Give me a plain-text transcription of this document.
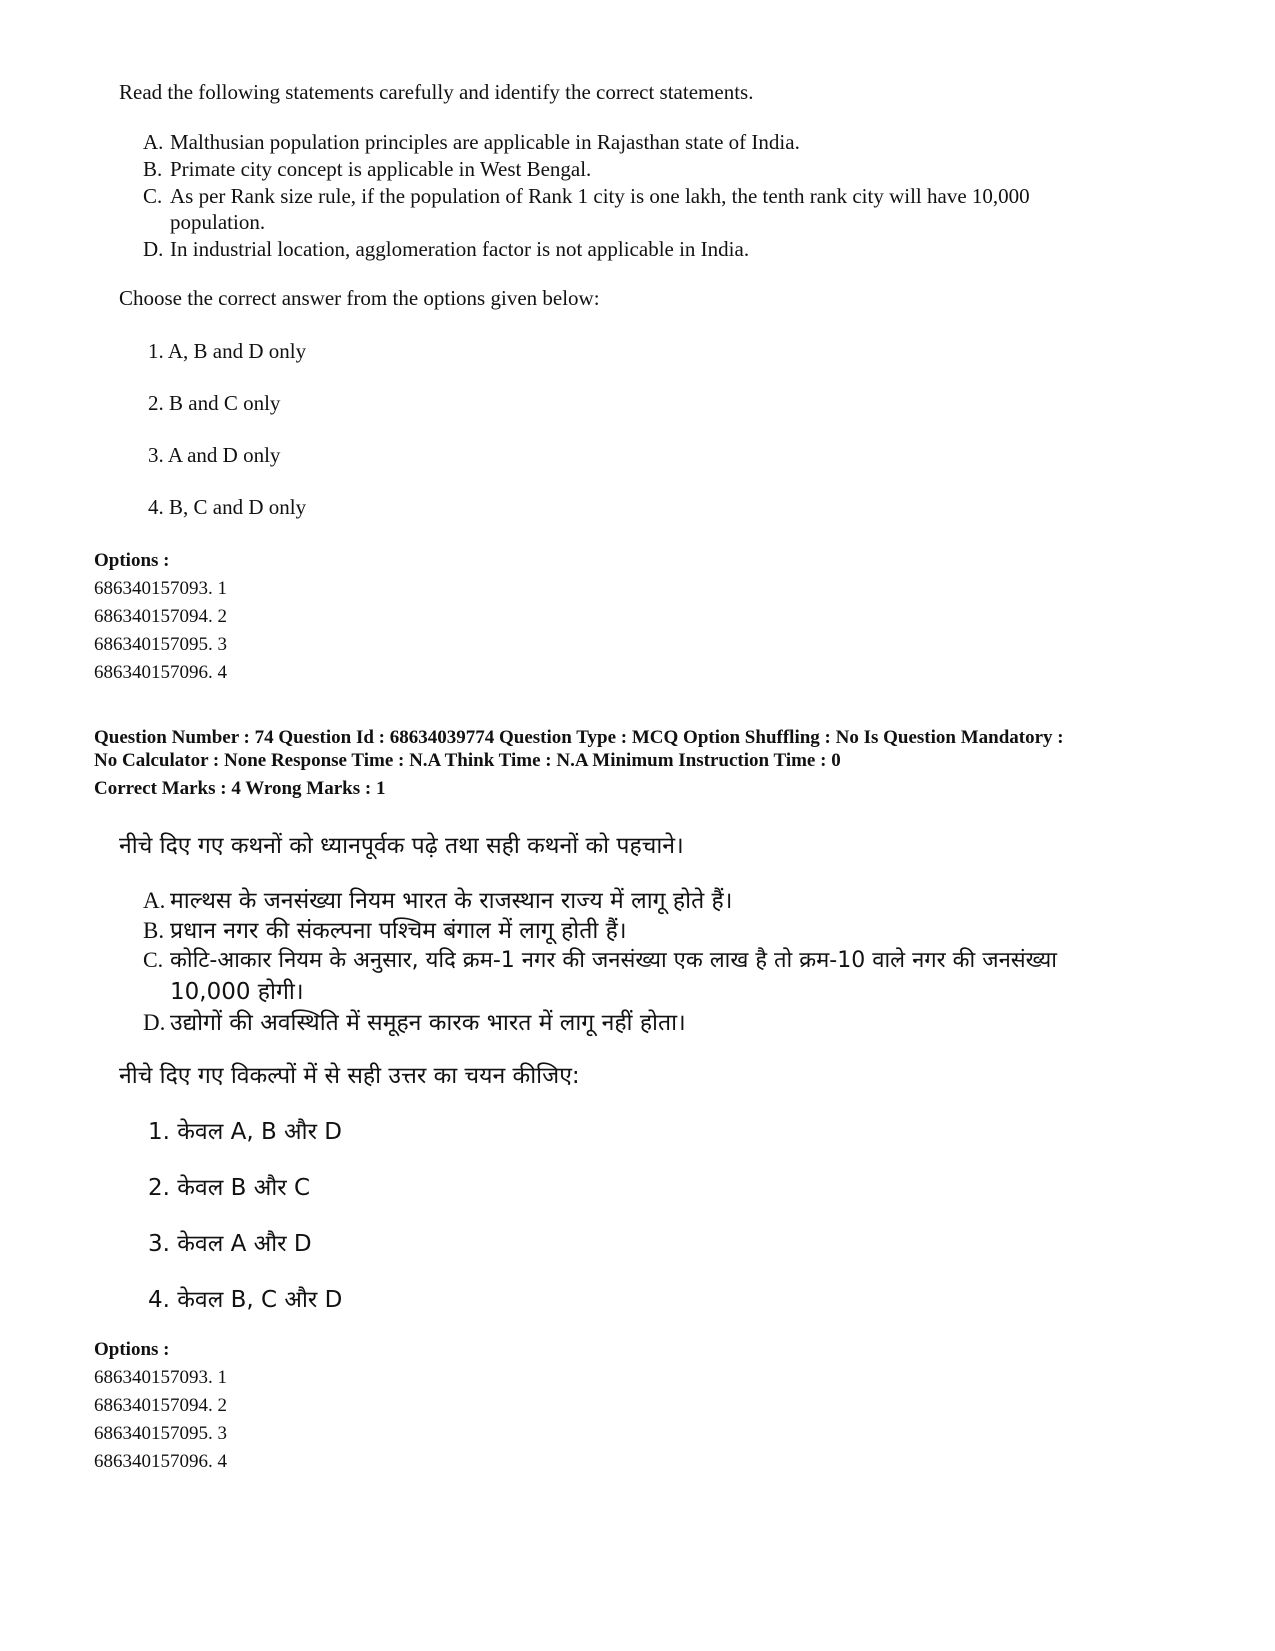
Read the following statements carefully and identify the correct statements.
A. Malthusian population principles are applicable in Rajasthan state of India.
B. Primate city concept is applicable in West Bengal.
C. As per Rank size rule, if the population of Rank 1 city is one lakh, the tenth rank city will have 10,000
population.
D. In industrial location, agglomeration factor is not applicable in India.
Choose the correct answer from the options given below:
1. A, B and D only
2. B and C only
3. A and D only
4. B, C and D only
Options :
686340157093. 1
686340157094. 2
686340157095. 3
686340157096. 4
Question Number : 74 Question Id : 68634039774 Question Type : MCQ Option Shuffling : No Is Question Mandatory :
No Calculator : None Response Time : N.A Think Time : N.A Minimum Instruction Time : 0
Correct Marks : 4 Wrong Marks : 1
नीचे दिए गए कथनों को ध्यानपूर्वक पढ़े तथा सही कथनों को पहचाने।
A. माल्थस के जनसंख्या नियम भारत के राजस्थान राज्य में लागू होते हैं।
B. प्रधान नगर की संकल्पना पश्चिम बंगाल में लागू होती हैं।
C. कोटि-आकार नियम के अनुसार, यदि क्रम-1 नगर की जनसंख्या एक लाख है तो क्रम-10 वाले नगर की जनसंख्या
10,000 होगी।
D. उद्योगों की अवस्थिति में समूहन कारक भारत में लागू नहीं होता।
नीचे दिए गए विकल्पों में से सही उत्तर का चयन कीजिए:
1. केवल A, B और D
2. केवल B और C
3. केवल A और D
4. केवल B, C और D
Options :
686340157093. 1
686340157094. 2
686340157095. 3
686340157096. 4
